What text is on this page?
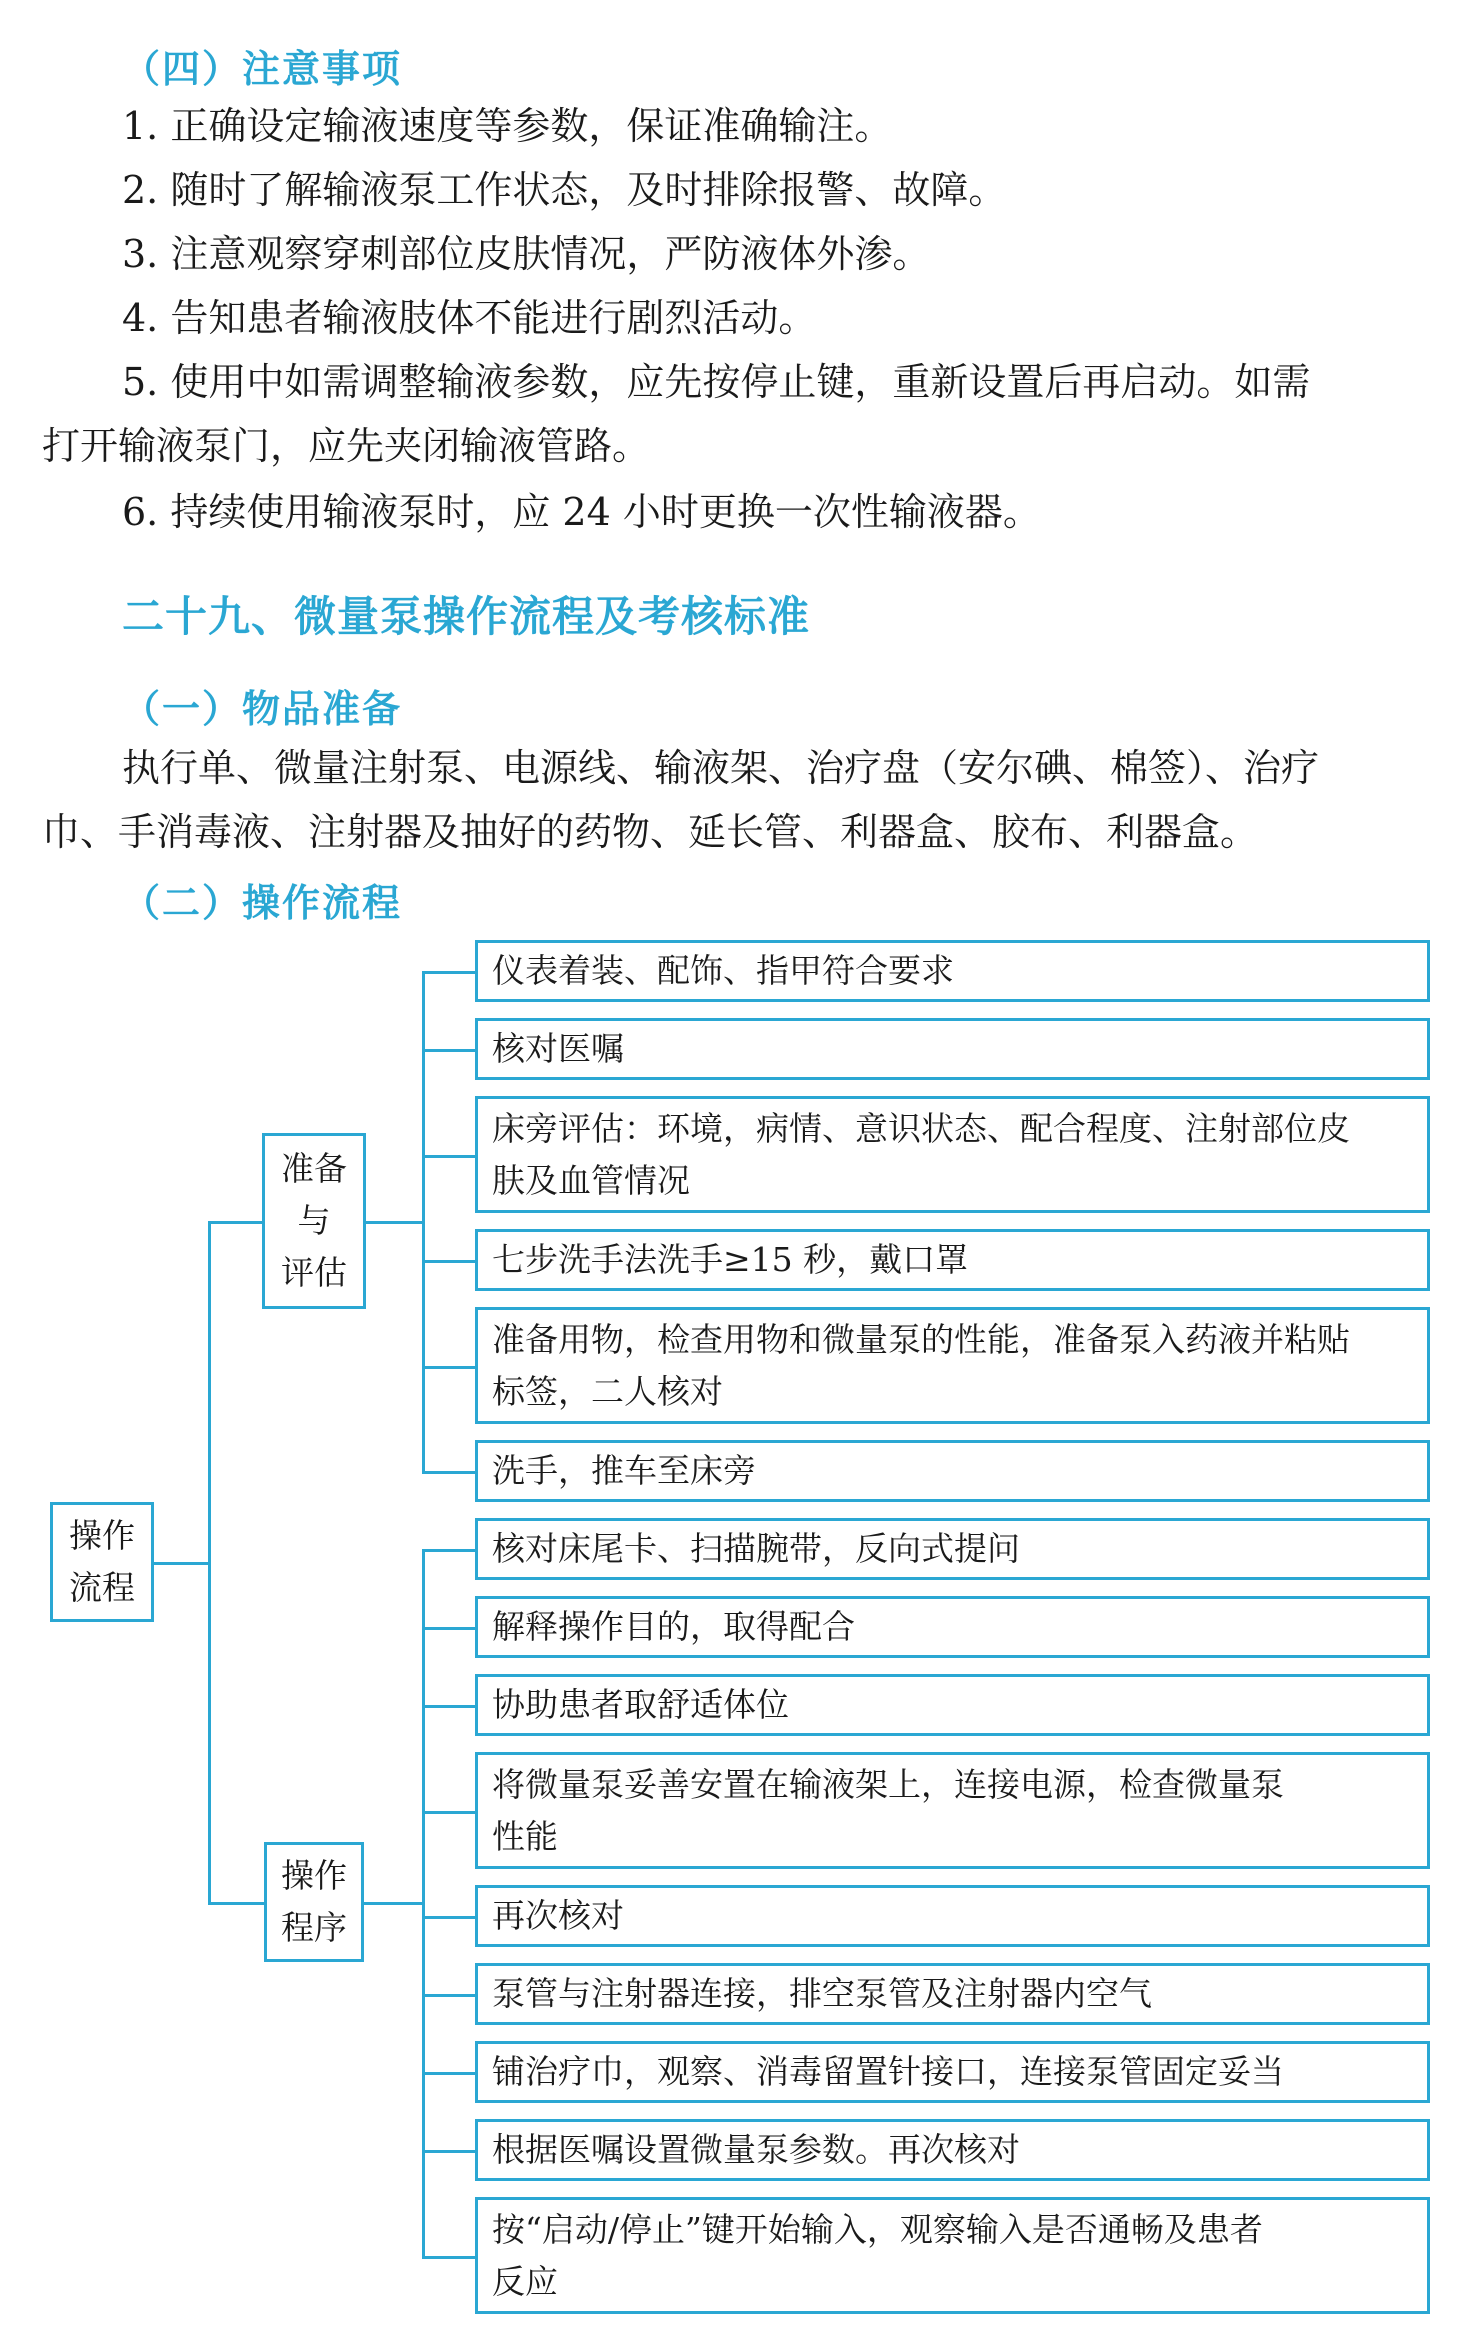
（四）注意事项

1. 正确设定输液速度等参数，保证准确输注。

2. 随时了解输液泵工作状态，及时排除报警、故障。

3. 注意观察穿刺部位皮肤情况，严防液体外渗。

4. 告知患者输液肢体不能进行剧烈活动。

5. 使用中如需调整输液参数，应先按停止键，重新设置后再启动。如需

打开输液泵门，应先夹闭输液管路。

6. 持续使用输液泵时，应 24 小时更换一次性输液器。

二十九、微量泵操作流程及考核标准
（一）物品准备

执行单、微量注射泵、电源线、输液架、治疗盘（安尔碘、棉签）、治疗

巾、手消毒液、注射器及抽好的药物、延长管、利器盒、胶布、利器盒。

（二）操作流程
仪表着装、配饰、指甲符合要求
核对医嘱
床旁评估：环境，病情、意识状态、配合程度、注射部位皮
肤及血管情况
七步洗手法洗手≥15 秒，戴口罩
准备用物，检查用物和微量泵的性能，准备泵入药液并粘贴
标签，二人核对
洗手，推车至床旁
准备
与
评估
核对床尾卡、扫描腕带，反向式提问
解释操作目的，取得配合
协助患者取舒适体位
将微量泵妥善安置在输液架上，连接电源，检查微量泵
性能
再次核对
泵管与注射器连接，排空泵管及注射器内空气
铺治疗巾，观察、消毒留置针接口，连接泵管固定妥当
根据医嘱设置微量泵参数。再次核对
按“启动/停止”键开始输入，观察输入是否通畅及患者
反应
操作
程序
操作
流程
